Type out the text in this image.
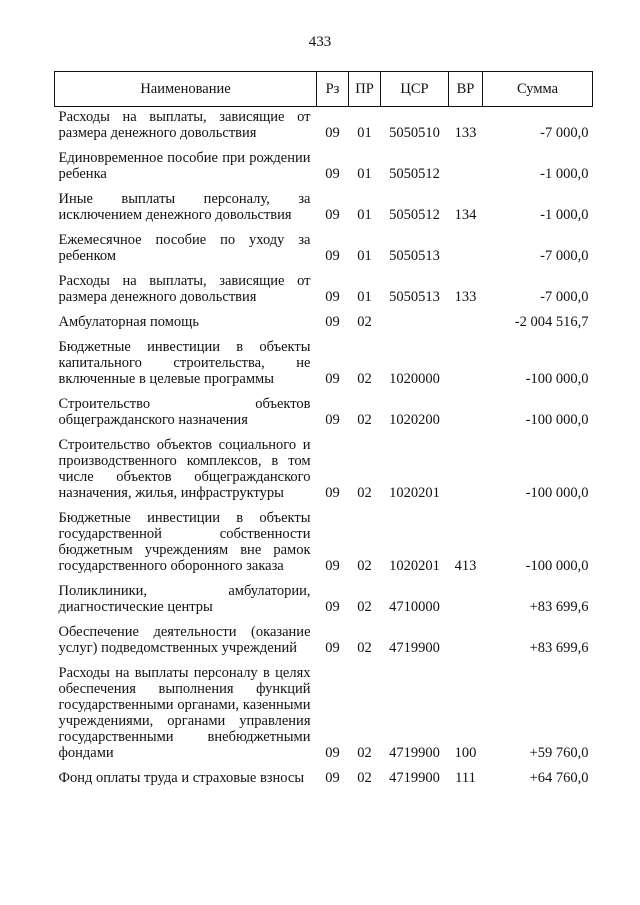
433
Наименование	Рз	ПР	ЦСР	ВР	Сумма
Расходы на выплаты, зависящие от размера денежного довольствия	09	01	5050510	133	-7 000,0
Единовременное пособие при рождении ребенка	09	01	5050512		-1 000,0
Иные выплаты персоналу, за исключением денежного довольствия	09	01	5050512	134	-1 000,0
Ежемесячное пособие по уходу за ребенком	09	01	5050513		-7 000,0
Расходы на выплаты, зависящие от размера денежного довольствия	09	01	5050513	133	-7 000,0
Амбулаторная помощь	09	02			-2 004 516,7
Бюджетные инвестиции в объекты капитального строительства, не включенные в целевые программы	09	02	1020000		-100 000,0
Строительство объектов общегражданского назначения	09	02	1020200		-100 000,0
Строительство объектов социального и производственного комплексов, в том числе объектов общегражданского назначения, жилья, инфраструктуры	09	02	1020201		-100 000,0
Бюджетные инвестиции в объекты государственной собственности бюджетным учреждениям вне рамок государственного оборонного заказа	09	02	1020201	413	-100 000,0
Поликлиники, амбулатории, диагностические центры	09	02	4710000		+83 699,6
Обеспечение деятельности (оказание услуг) подведомственных учреждений	09	02	4719900		+83 699,6
Расходы на выплаты персоналу в целях обеспечения выполнения функций государственными органами, казенными учреждениями, органами управления государственными внебюджетными фондами	09	02	4719900	100	+59 760,0
Фонд оплаты труда и страховые взносы	09	02	4719900	111	+64 760,0
